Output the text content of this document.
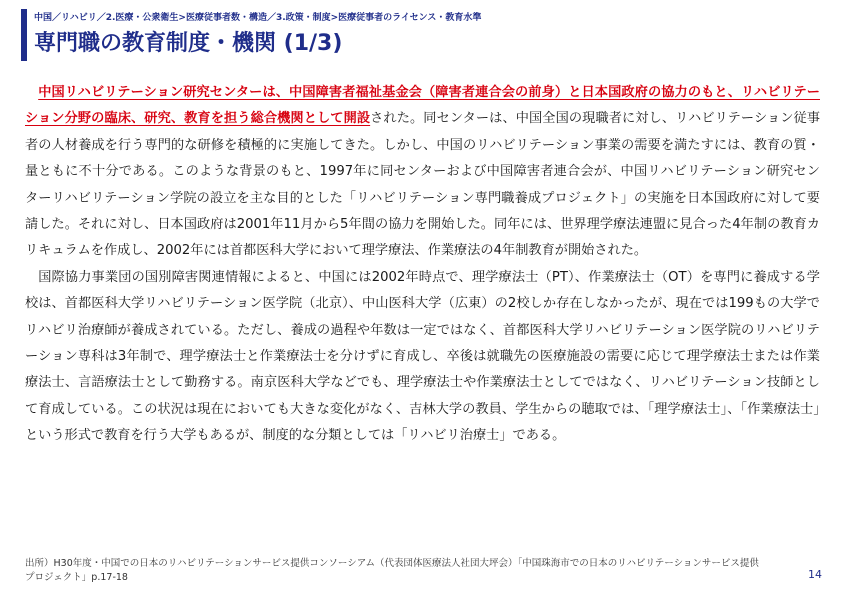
中国／リハビリ／2.医療・公衆衛生>医療従事者数・構造／3.政策・制度>医療従事者のライセンス・教育水準
専門職の教育制度・機関 (1/3)

中国リハビリテーション研究センターは、中国障害者福祉基金会（障害者連合会の前身）と日本国政府の協力のもと、リハビリテーション分野の臨床、研究、教育を担う総合機関として開設された。同センターは、中国全国の現職者に対し、リハビリテーション従事者の人材養成を行う専門的な研修を積極的に実施してきた。しかし、中国のリハビリテーション事業の需要を満たすには、教育の質・量ともに不十分である。このような背景のもと、1997年に同センターおよび中国障害者連合会が、中国リハビリテーション研究センターリハビリテーション学院の設立を主な目的とした「リハビリテーション専門職養成プロジェクト」の実施を日本国政府に対して要請した。それに対し、日本国政府は2001年11月から5年間の協力を開始した。同年には、世界理学療法連盟に見合った4年制の教育カリキュラムを作成し、2002年には首都医科大学において理学療法、作業療法の4年制教育が開始された。

国際協力事業団の国別障害関連情報によると、中国には2002年時点で、理学療法士（PT）、作業療法士（OT）を専門に養成する学校は、首都医科大学リハビリテーション医学院（北京）、中山医科大学（広東）の2校しか存在しなかったが、現在では199もの大学でリハビリ治療師が養成されている。ただし、養成の過程や年数は一定ではなく、首都医科大学リハビリテーション医学院のリハビリテーション専科は3年制で、理学療法士と作業療法士を分けずに育成し、卒後は就職先の医療施設の需要に応じて理学療法士または作業療法士、言語療法士として勤務する。南京医科大学などでも、理学療法士や作業療法士としてではなく、リハビリテーション技師として育成している。この状況は現在においても大きな変化がなく、吉林大学の教員、学生からの聴取では、「理学療法士」、「作業療法士」という形式で教育を行う大学もあるが、制度的な分類としては「リハビリ治療士」である。

出所）H30年度・中国での日本のリハビリテーションサービス提供コンソーシアム（代表団体医療法人社団大坪会）「中国珠海市での日本のリハビリテーションサービス提供プロジェクト」p.17-18	14
